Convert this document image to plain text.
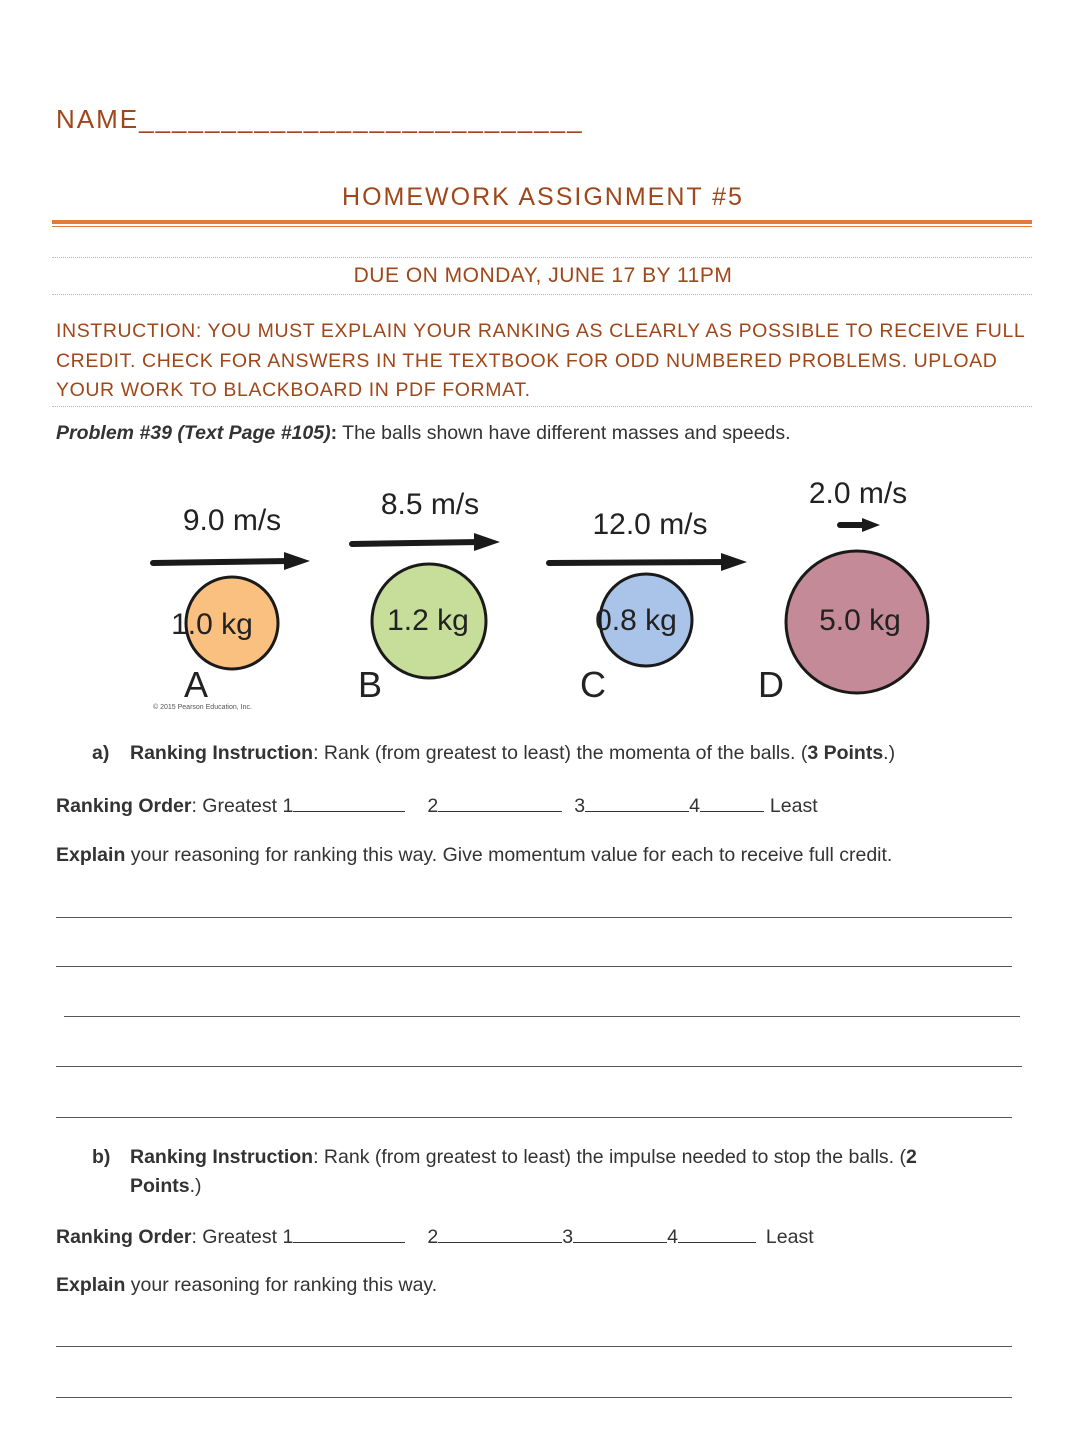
NAME___________________________
HOMEWORK ASSIGNMENT #5
DUE ON MONDAY, JUNE 17 BY 11PM
INSTRUCTION: YOU MUST EXPLAIN YOUR RANKING AS CLEARLY AS POSSIBLE TO RECEIVE FULL CREDIT. CHECK FOR ANSWERS IN THE TEXTBOOK FOR ODD NUMBERED PROBLEMS. UPLOAD YOUR WORK TO BLACKBOARD IN PDF FORMAT.
Problem #39 (Text Page #105): The balls shown have different masses and speeds.
9.0 m/s
1.0 kg
A
8.5 m/s
1.2 kg
B
12.0 m/s
0.8 kg
C
2.0 m/s
5.0 kg
D
© 2015 Pearson Education, Inc.
a) Ranking Instruction: Rank (from greatest to least) the momenta of the balls. (3 Points.)
Ranking Order: Greatest 1	2	3	4	Least
Explain your reasoning for ranking this way. Give momentum value for each to receive full credit.
b) Ranking Instruction: Rank (from greatest to least) the impulse needed to stop the balls. (2
Points.)
Ranking Order: Greatest 1	2	3	4	Least
Explain your reasoning for ranking this way.
